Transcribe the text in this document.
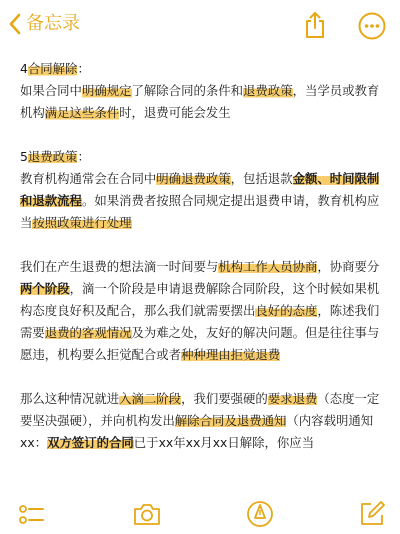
备忘录
4合同解除：
如果合同中明确规定了解除合同的条件和退费政策，当学员或教育机构满足这些条件时，退费可能会发生
5退费政策：
教育机构通常会在合同中明确退费政策，包括退款金额、时间限制和退款流程。如果消费者按照合同规定提出退费申请，教育机构应当按照政策进行处理
我们在产生退费的想法滴一时间要与机构工作人员协商，协商要分两个阶段，滴一个阶段是申请退费解除合同阶段，这个时候如果机构态度良好积及配合，那么我们就需要摆出良好的态度，陈述我们需要退费的客观情况及为难之处，友好的解决问题。但是往往事与愿违，机构要么拒觉配合或者种种理由拒觉退费
那么这种情况就进入滴二阶段，我们要强硬的要求退费（态度一定要坚决强硬），并向机构发出解除合同及退费通知（内容载明通知xx：双方签订的合同已于xx年xx月xx日解除，你应当
